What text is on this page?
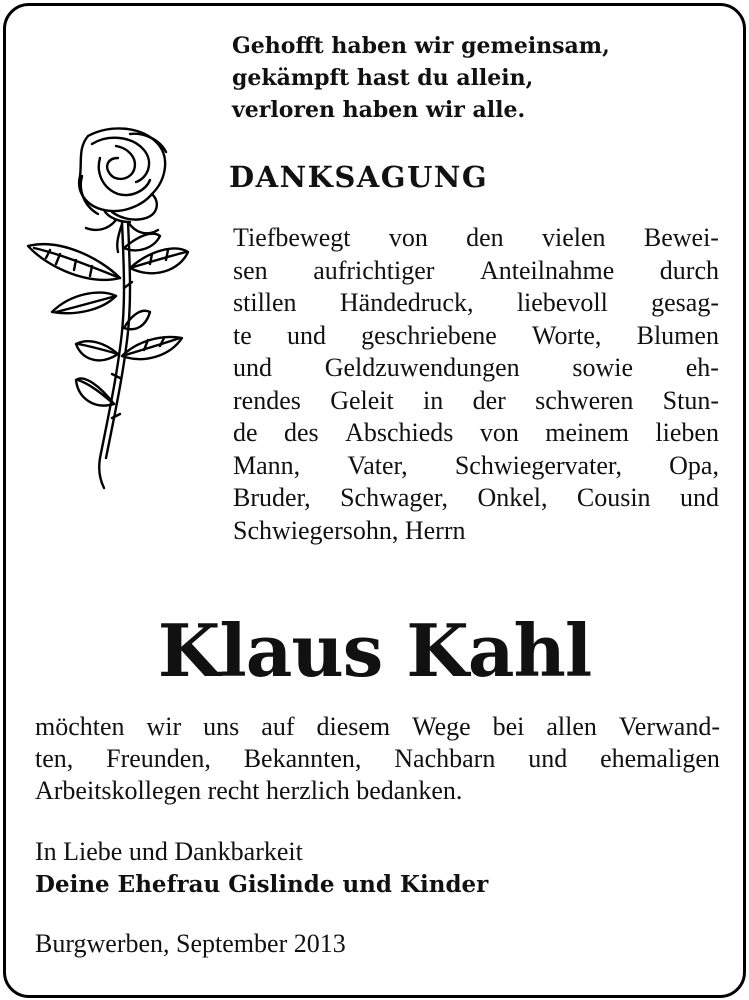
Gehofft haben wir gemeinsam,
gekämpft hast du allein,
verloren haben wir alle.
DANKSAGUNG
Tiefbewegt von den vielen Bewei-
sen aufrichtiger Anteilnahme durch
stillen Händedruck, liebevoll gesag-
te und geschriebene Worte, Blumen
und Geldzuwendungen sowie eh-
rendes Geleit in der schweren Stun-
de des Abschieds von meinem lieben
Mann, Vater, Schwiegervater, Opa,
Bruder, Schwager, Onkel, Cousin und
Schwiegersohn, Herrn
Klaus Kahl
möchten wir uns auf diesem Wege bei allen Verwand-
ten, Freunden, Bekannten, Nachbarn und ehemaligen
Arbeitskollegen recht herzlich bedanken.
In Liebe und Dankbarkeit
Deine Ehefrau Gislinde und Kinder
Burgwerben, September 2013
